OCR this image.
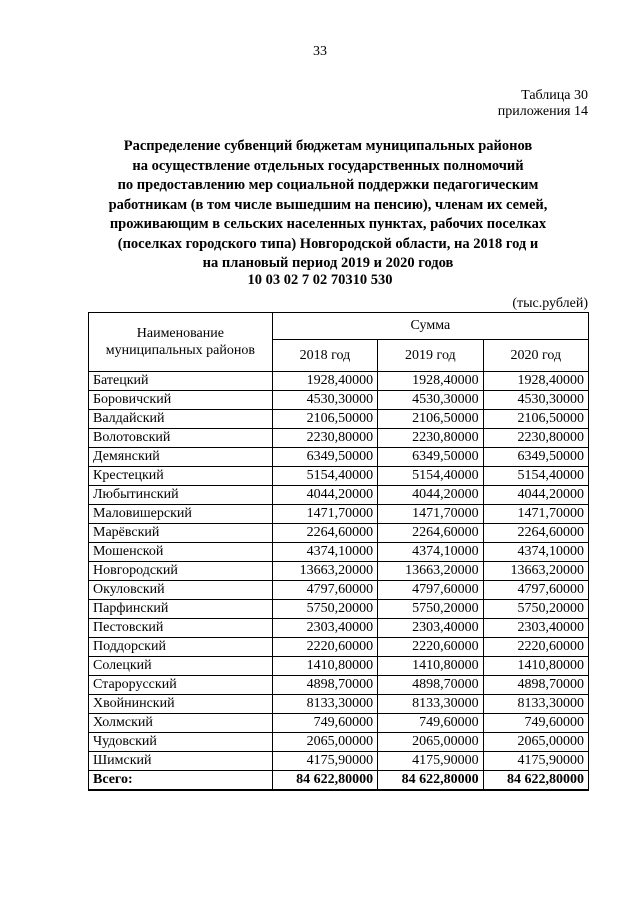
33
Таблица 30
приложения 14
Распределение субвенций бюджетам муниципальных районов
на осуществление отдельных государственных полномочий
по предоставлению мер социальной поддержки педагогическим
работникам (в том числе вышедшим на пенсию), членам их семей,
проживающим в сельских населенных пунктах, рабочих поселках
(поселках городского типа) Новгородской области, на 2018 год и
на плановый период 2019 и 2020 годов
10 03 02 7 02 70310 530
(тыс.рублей)
Наименование муниципальных районов	Сумма		
	2018 год	2019 год	2020 год
Батецкий	1928,40000	1928,40000	1928,40000
Боровичский	4530,30000	4530,30000	4530,30000
Валдайский	2106,50000	2106,50000	2106,50000
Волотовский	2230,80000	2230,80000	2230,80000
Демянский	6349,50000	6349,50000	6349,50000
Крестецкий	5154,40000	5154,40000	5154,40000
Любытинский	4044,20000	4044,20000	4044,20000
Маловишерский	1471,70000	1471,70000	1471,70000
Марёвский	2264,60000	2264,60000	2264,60000
Мошенской	4374,10000	4374,10000	4374,10000
Новгородский	13663,20000	13663,20000	13663,20000
Окуловский	4797,60000	4797,60000	4797,60000
Парфинский	5750,20000	5750,20000	5750,20000
Пестовский	2303,40000	2303,40000	2303,40000
Поддорский	2220,60000	2220,60000	2220,60000
Солецкий	1410,80000	1410,80000	1410,80000
Старорусский	4898,70000	4898,70000	4898,70000
Хвойнинский	8133,30000	8133,30000	8133,30000
Холмский	749,60000	749,60000	749,60000
Чудовский	2065,00000	2065,00000	2065,00000
Шимский	4175,90000	4175,90000	4175,90000
Всего:	84 622,80000	84 622,80000	84 622,80000
